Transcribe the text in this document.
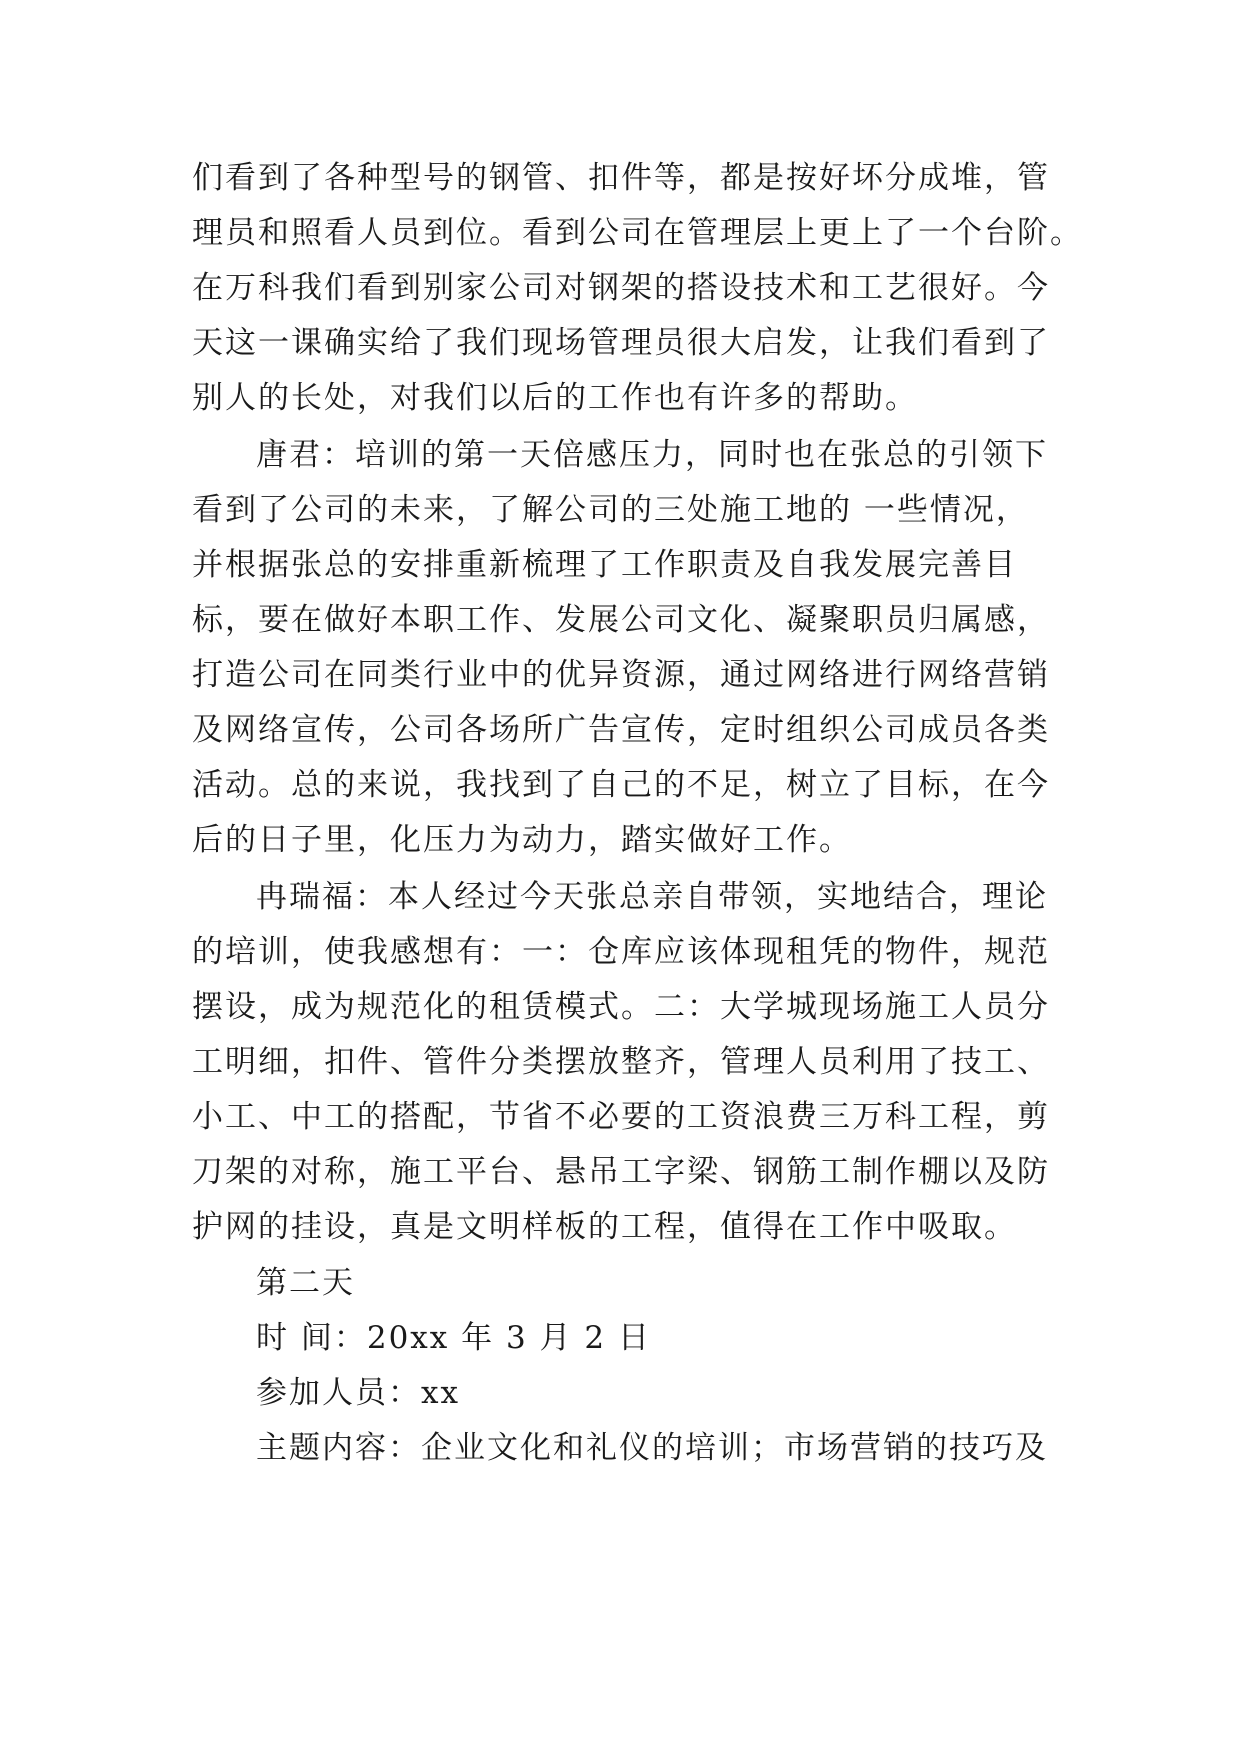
们看到了各种型号的钢管、扣件等，都是按好坏分成堆，管
理员和照看人员到位。看到公司在管理层上更上了一个台阶。
在万科我们看到别家公司对钢架的搭设技术和工艺很好。今
天这一课确实给了我们现场管理员很大启发，让我们看到了
别人的长处，对我们以后的工作也有许多的帮助。
唐君：培训的第一天倍感压力，同时也在张总的引领下
看到了公司的未来，了解公司的三处施工地的 一些情况，
并根据张总的安排重新梳理了工作职责及自我发展完善目
标，要在做好本职工作、发展公司文化、凝聚职员归属感，
打造公司在同类行业中的优异资源，通过网络进行网络营销
及网络宣传，公司各场所广告宣传，定时组织公司成员各类
活动。总的来说，我找到了自己的不足，树立了目标，在今
后的日子里，化压力为动力，踏实做好工作。
冉瑞福：本人经过今天张总亲自带领，实地结合，理论
的培训，使我感想有：一：仓库应该体现租凭的物件，规范
摆设，成为规范化的租赁模式。二：大学城现场施工人员分
工明细，扣件、管件分类摆放整齐，管理人员利用了技工、
小工、中工的搭配，节省不必要的工资浪费三万科工程，剪
刀架的对称，施工平台、悬吊工字梁、钢筋工制作棚以及防
护网的挂设，真是文明样板的工程，值得在工作中吸取。
第二天
时 间：20xx 年 3 月 2 日
参加人员：xx
主题内容：企业文化和礼仪的培训；市场营销的技巧及
